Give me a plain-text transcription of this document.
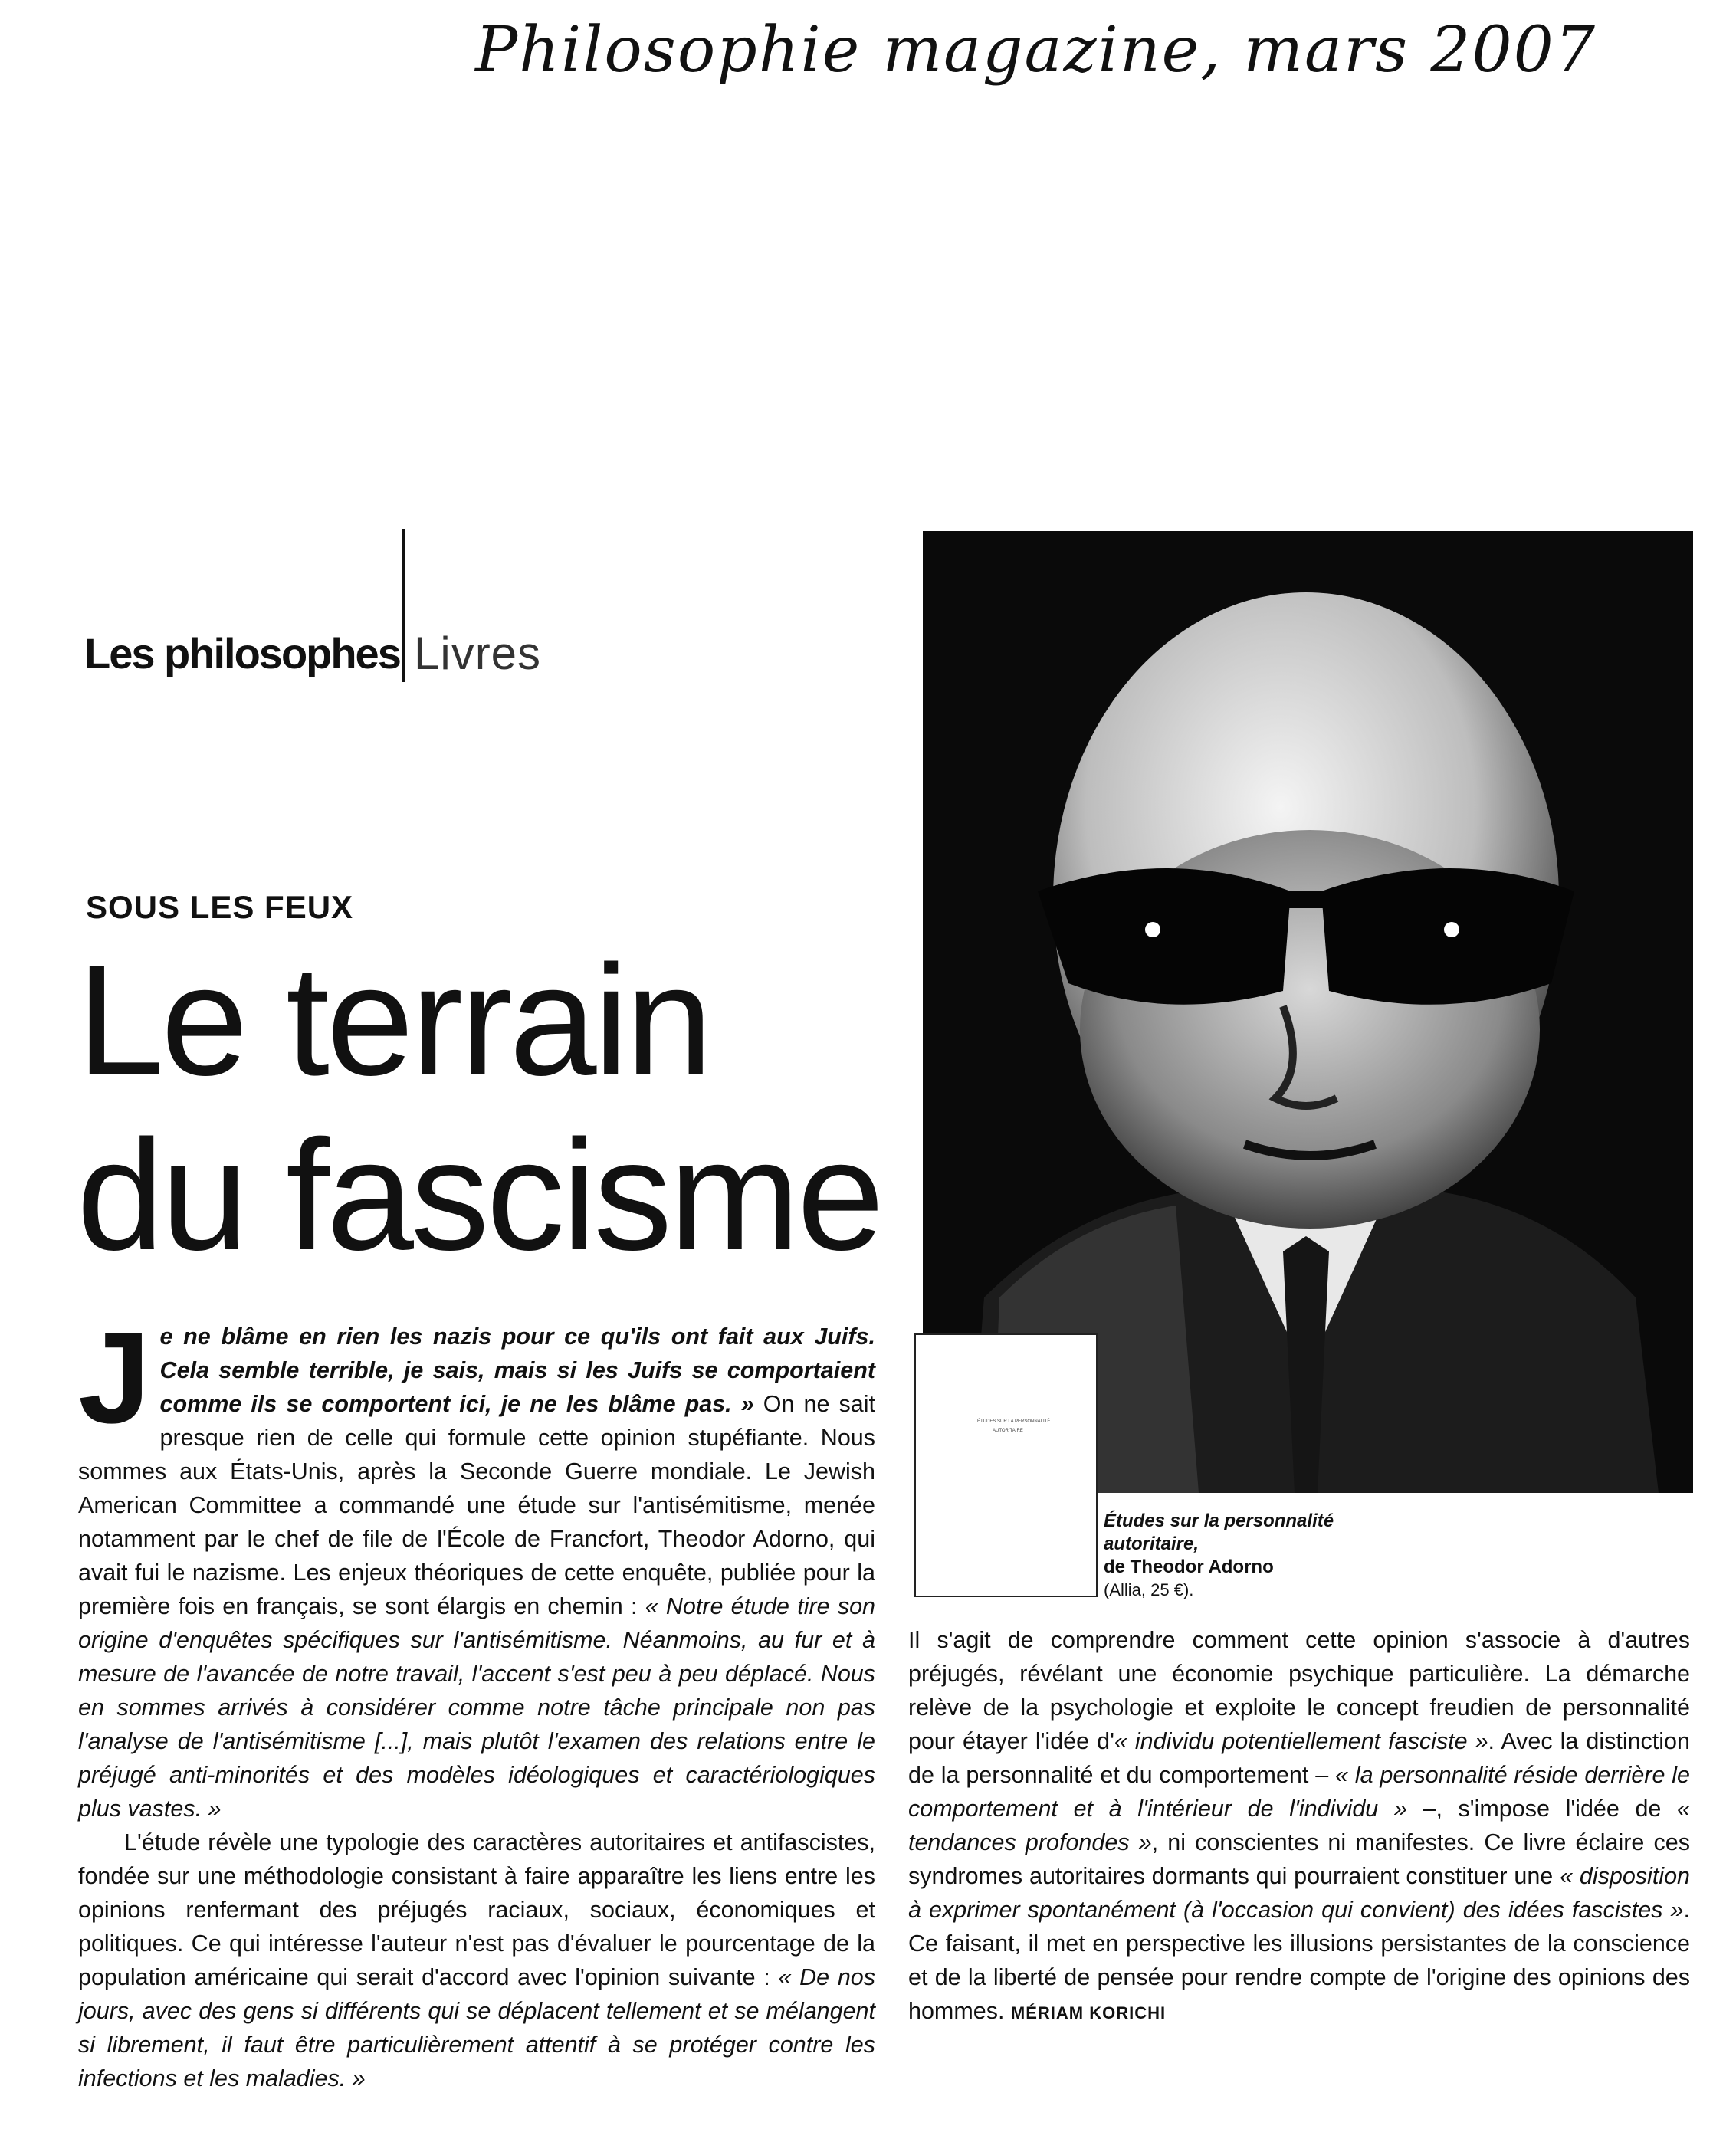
Philosophie magazine, mars 2007
Les philosophes Livres
SOUS LES FEUX
Le terrain
du fascisme
ÉTUDES SUR LA PERSONNALITÉ
AUTORITAIRE
Études sur la personnalité autoritaire,
de Theodor Adorno
(Allia, 25 €).

Je ne blâme en rien les nazis pour ce qu'ils ont fait aux Juifs. Cela semble terrible, je sais, mais si les Juifs se comportaient comme ils se comportent ici, je ne les blâme pas. » On ne sait presque rien de celle qui formule cette opinion stupéfiante. Nous sommes aux États-Unis, après la Seconde Guerre mondiale. Le Jewish American Committee a commandé une étude sur l'antisémitisme, menée notamment par le chef de file de l'École de Francfort, Theodor Adorno, qui avait fui le nazisme. Les enjeux théoriques de cette enquête, publiée pour la première fois en français, se sont élargis en chemin : « Notre étude tire son origine d'enquêtes spécifiques sur l'antisémitisme. Néanmoins, au fur et à mesure de l'avancée de notre travail, l'accent s'est peu à peu déplacé. Nous en sommes arrivés à considérer comme notre tâche principale non pas l'analyse de l'antisémitisme [...], mais plutôt l'examen des relations entre le préjugé anti-minorités et des modèles idéologiques et caractériologiques plus vastes. »

L'étude révèle une typologie des caractères autoritaires et antifascistes, fondée sur une méthodologie consistant à faire apparaître les liens entre les opinions renfermant des préjugés raciaux, sociaux, économiques et politiques. Ce qui intéresse l'auteur n'est pas d'évaluer le pourcentage de la population américaine qui serait d'accord avec l'opinion suivante : « De nos jours, avec des gens si différents qui se déplacent tellement et se mélangent si librement, il faut être particulièrement attentif à se protéger contre les infections et les maladies. »

Il s'agit de comprendre comment cette opinion s'associe à d'autres préjugés, révélant une économie psychique particulière. La démarche relève de la psychologie et exploite le concept freudien de personnalité pour étayer l'idée d'« individu potentiellement fasciste ». Avec la distinction de la personnalité et du comportement – « la personnalité réside derrière le comportement et à l'intérieur de l'individu » –, s'impose l'idée de « tendances profondes », ni conscientes ni manifestes. Ce livre éclaire ces syndromes autoritaires dormants qui pourraient constituer une « disposition à exprimer spontanément (à l'occasion qui convient) des idées fascistes ». Ce faisant, il met en perspective les illusions persistantes de la conscience et de la liberté de pensée pour rendre compte de l'origine des opinions des hommes. MÉRIAM KORICHI
